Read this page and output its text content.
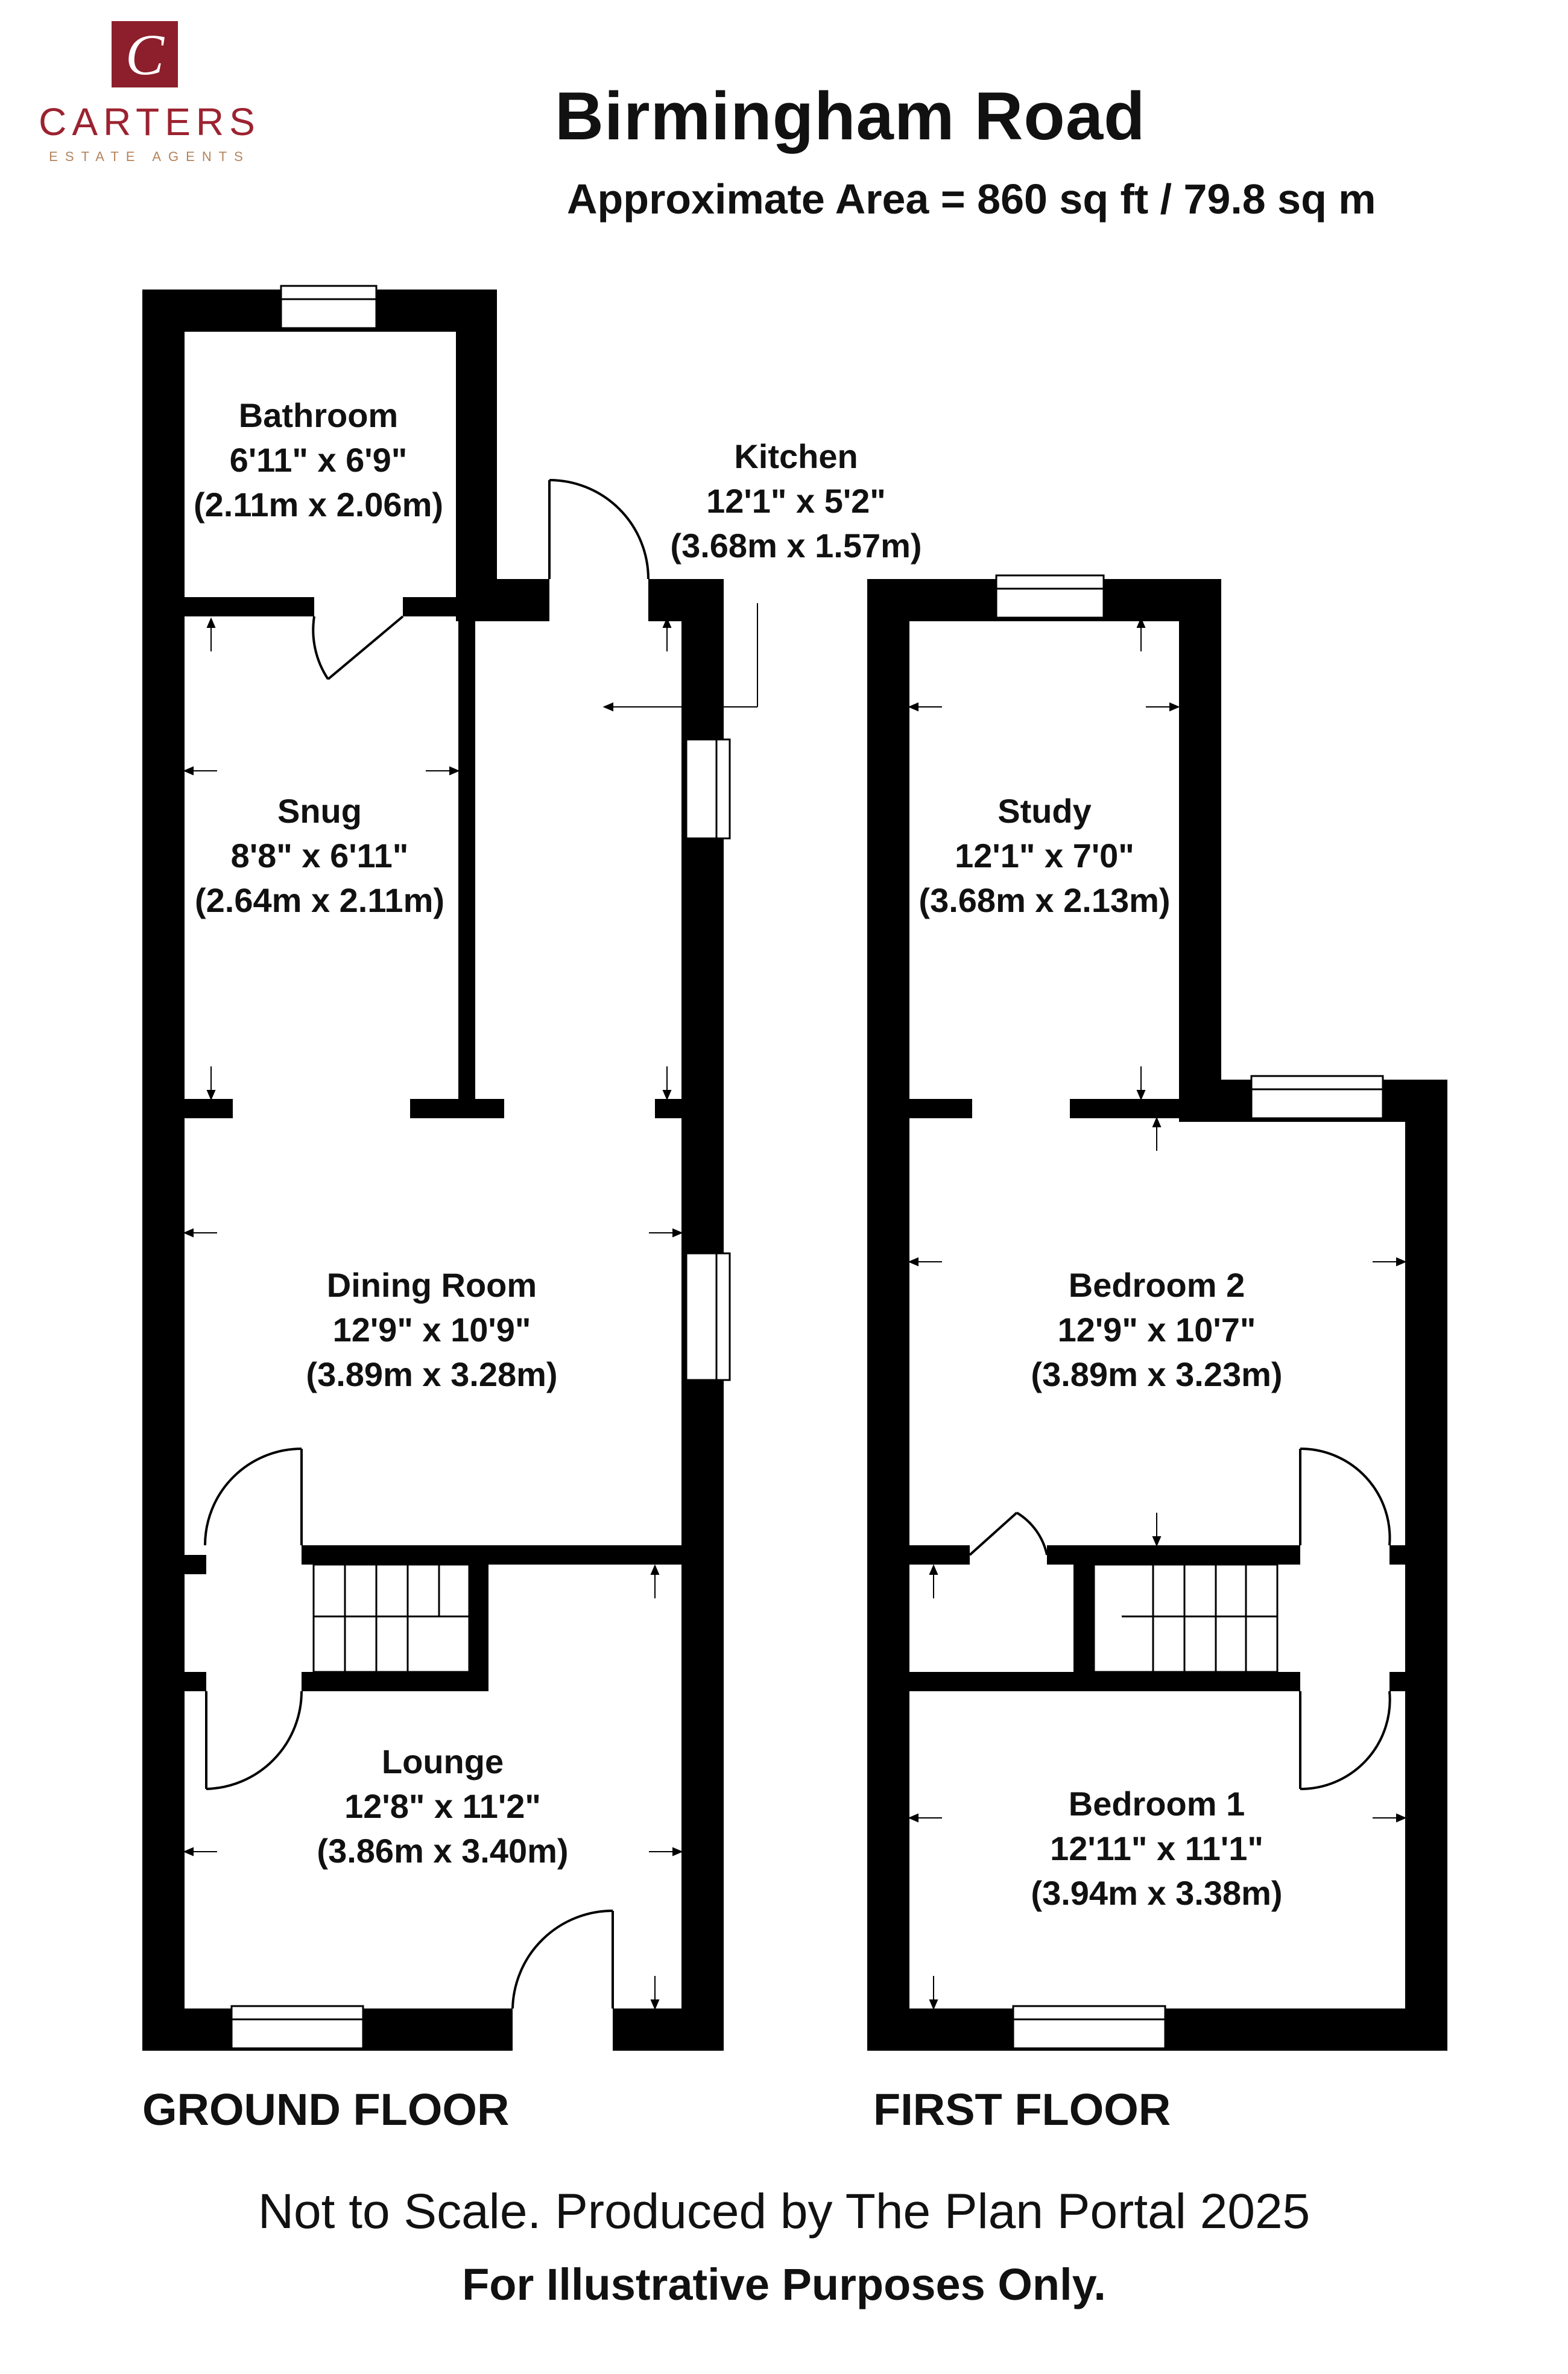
C
CARTERS
ESTATE AGENTS
Birmingham Road
Approximate Area = 860 sq ft / 79.8 sq m
Bathroom
6'11" x 6'9"
(2.11m x 2.06m)
Kitchen
12'1" x 5'2"
(3.68m x 1.57m)
Snug
8'8" x 6'11"
(2.64m x 2.11m)
Dining Room
12'9" x 10'9"
(3.89m x 3.28m)
Lounge
12'8" x 11'2"
(3.86m x 3.40m)
Study
12'1" x 7'0"
(3.68m x 2.13m)
Bedroom 2
12'9" x 10'7"
(3.89m x 3.23m)
Bedroom 1
12'11" x 11'1"
(3.94m x 3.38m)
GROUND FLOOR	FIRST FLOOR
Not to Scale. Produced by The Plan Portal 2025
For Illustrative Purposes Only.
